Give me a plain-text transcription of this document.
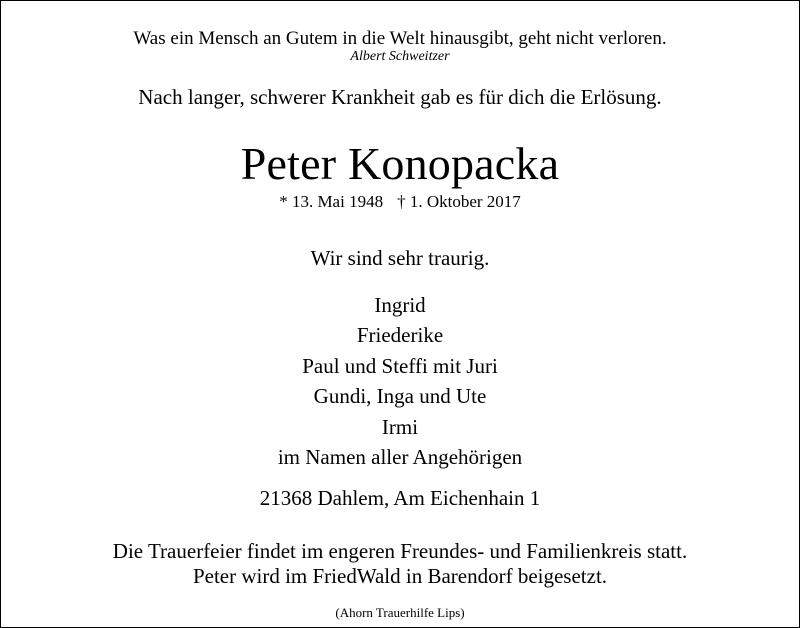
Was ein Mensch an Gutem in die Welt hinausgibt, geht nicht verloren.
Albert Schweitzer
Nach langer, schwerer Krankheit gab es für dich die Erlösung.
Peter Konopacka
* 13. Mai 1948 † 1. Oktober 2017
Wir sind sehr traurig.
Ingrid
Friederike
Paul und Steffi mit Juri
Gundi, Inga und Ute
Irmi
im Namen aller Angehörigen
21368 Dahlem, Am Eichenhain 1
Die Trauerfeier findet im engeren Freundes- und Familienkreis statt.
Peter wird im FriedWald in Barendorf beigesetzt.
(Ahorn Trauerhilfe Lips)
